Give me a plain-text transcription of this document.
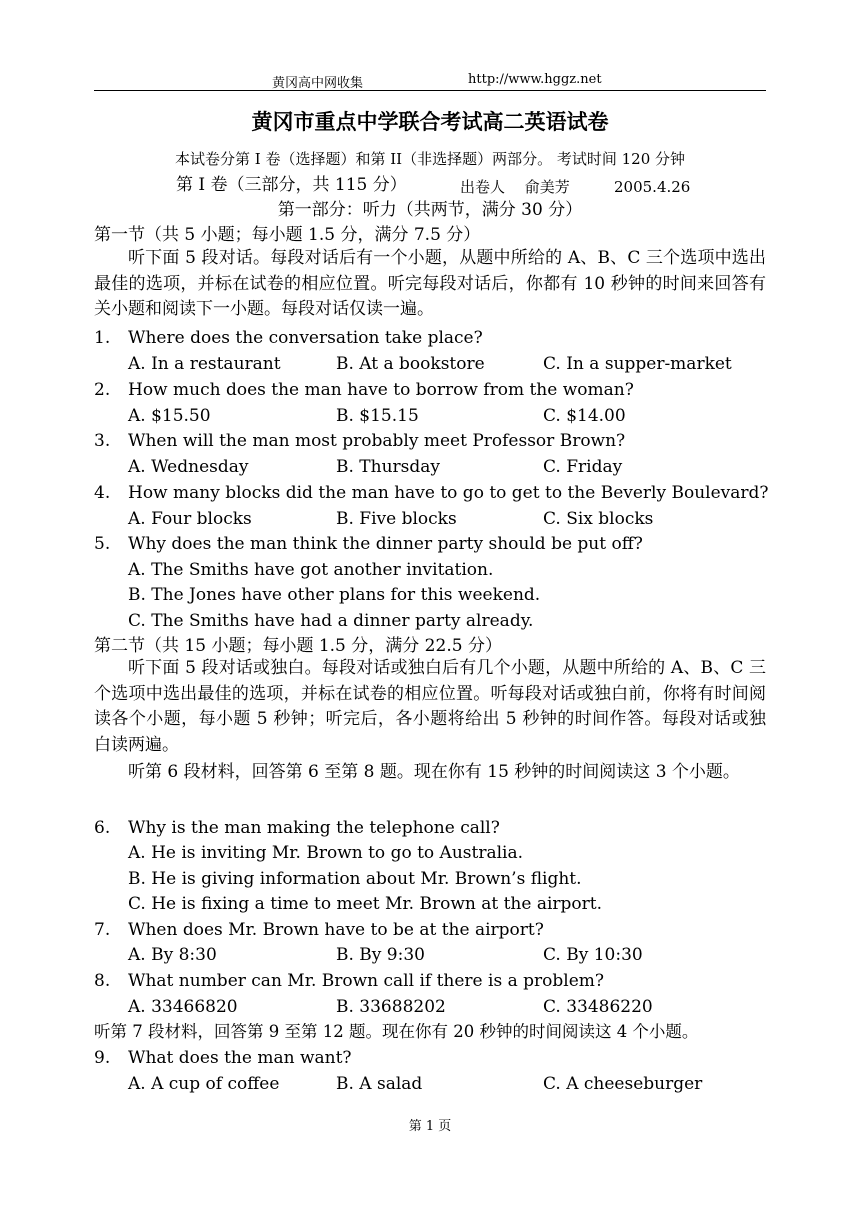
黄冈高中网收集	http://www.hggz.net
黄冈市重点中学联合考试高二英语试卷
本试卷分第 I 卷（选择题）和第 II（非选择题）两部分。 考试时间 120 分钟
第 I 卷（三部分，共 115 分）	出卷人　 俞美芳	2005.4.26
第一部分：听力（共两节，满分 30 分）
第一节（共 5 小题；每小题 1.5 分，满分 7.5 分）
听下面 5 段对话。每段对话后有一个小题，从题中所给的 A、B、C 三个选项中选出最佳的选项，并标在试卷的相应位置。听完每段对话后，你都有 10 秒钟的时间来回答有关小题和阅读下一小题。每段对话仅读一遍。
1. Where does the conversation take place?
A. In a restaurant	B. At a bookstore	C. In a supper-market
2. How much does the man have to borrow from the woman?
A. $15.50	B. $15.15	C. $14.00
3. When will the man most probably meet Professor Brown?
A. Wednesday	B. Thursday	C. Friday
4. How many blocks did the man have to go to get to the Beverly Boulevard?
A. Four blocks	B. Five blocks	C. Six blocks
5. Why does the man think the dinner party should be put off?
A. The Smiths have got another invitation.
B. The Jones have other plans for this weekend.
C. The Smiths have had a dinner party already.
第二节（共 15 小题；每小题 1.5 分，满分 22.5 分）
听下面 5 段对话或独白。每段对话或独白后有几个小题，从题中所给的 A、B、C 三个选项中选出最佳的选项，并标在试卷的相应位置。听每段对话或独白前，你将有时间阅读各个小题，每小题 5 秒钟；听完后，各小题将给出 5 秒钟的时间作答。每段对话或独白读两遍。
听第 6 段材料，回答第 6 至第 8 题。现在你有 15 秒钟的时间阅读这 3 个小题。
6. Why is the man making the telephone call?
A. He is inviting Mr. Brown to go to Australia.
B. He is giving information about Mr. Brown’s flight.
C. He is fixing a time to meet Mr. Brown at the airport.
7. When does Mr. Brown have to be at the airport?
A. By 8:30	B. By 9:30	C. By 10:30
8. What number can Mr. Brown call if there is a problem?
A. 33466820	B. 33688202	C. 33486220
听第 7 段材料，回答第 9 至第 12 题。现在你有 20 秒钟的时间阅读这 4 个小题。
9. What does the man want?
A. A cup of coffee	B. A salad	C. A cheeseburger
第 1 页
